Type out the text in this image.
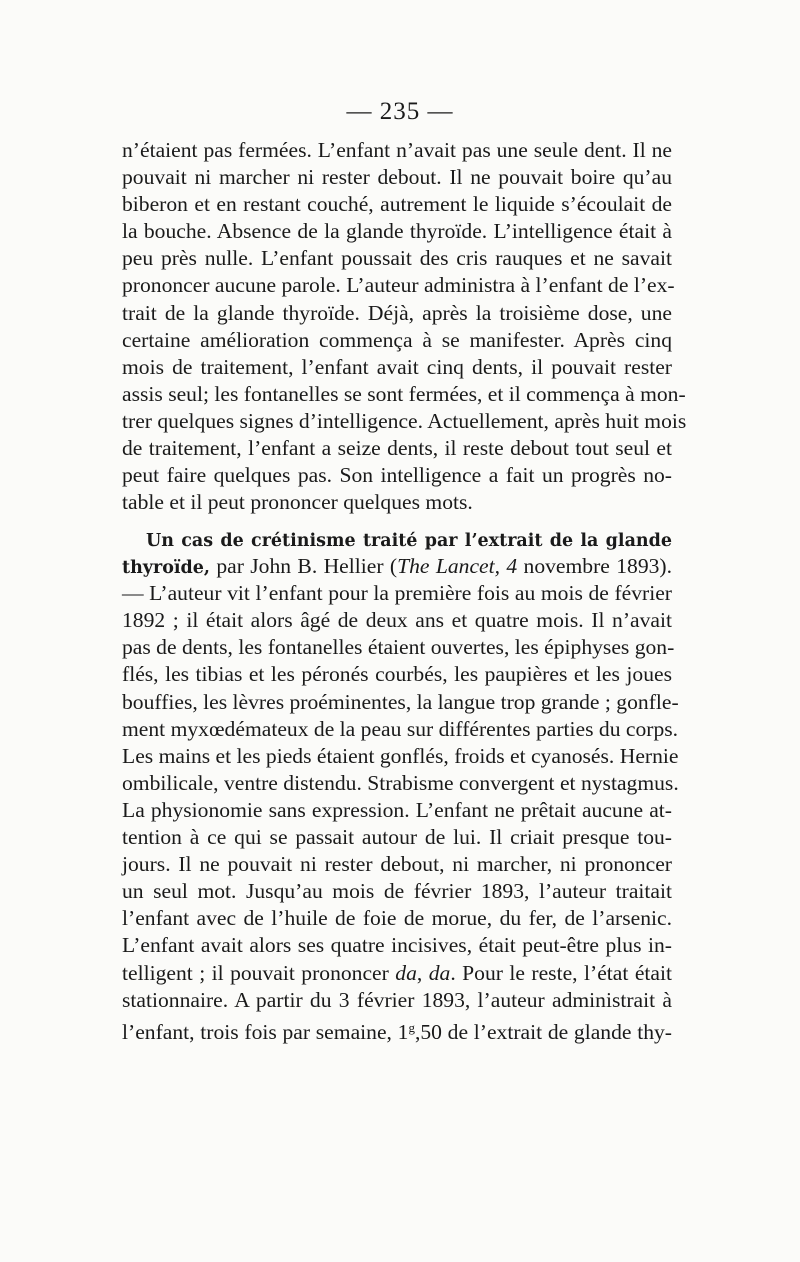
— 235 —
n’étaient pas fermées. L’enfant n’avait pas une seule dent. Il ne
pouvait ni marcher ni rester debout. Il ne pouvait boire qu’au
biberon et en restant couché, autrement le liquide s’écoulait de
la bouche. Absence de la glande thyroïde. L’intelligence était à
peu près nulle. L’enfant poussait des cris rauques et ne savait
prononcer aucune parole. L’auteur administra à l’enfant de l’ex-
trait de la glande thyroïde. Déjà, après la troisième dose, une
certaine amélioration commença à se manifester. Après cinq
mois de traitement, l’enfant avait cinq dents, il pouvait rester
assis seul; les fontanelles se sont fermées, et il commença à mon-
trer quelques signes d’intelligence. Actuellement, après huit mois
de traitement, l’enfant a seize dents, il reste debout tout seul et
peut faire quelques pas. Son intelligence a fait un progrès no-
table et il peut prononcer quelques mots.
Un cas de crétinisme traité par l’extrait de la glande
thyroïde, par John B. Hellier (The Lancet, 4 novembre 1893).
— L’auteur vit l’enfant pour la première fois au mois de février
1892 ; il était alors âgé de deux ans et quatre mois. Il n’avait
pas de dents, les fontanelles étaient ouvertes, les épiphyses gon-
flés, les tibias et les péronés courbés, les paupières et les joues
bouffies, les lèvres proéminentes, la langue trop grande ; gonfle-
ment myxœdémateux de la peau sur différentes parties du corps.
Les mains et les pieds étaient gonflés, froids et cyanosés. Hernie
ombilicale, ventre distendu. Strabisme convergent et nystagmus.
La physionomie sans expression. L’enfant ne prêtait aucune at-
tention à ce qui se passait autour de lui. Il criait presque tou-
jours. Il ne pouvait ni rester debout, ni marcher, ni prononcer
un seul mot. Jusqu’au mois de février 1893, l’auteur traitait
l’enfant avec de l’huile de foie de morue, du fer, de l’arsenic.
L’enfant avait alors ses quatre incisives, était peut-être plus in-
telligent ; il pouvait prononcer da, da. Pour le reste, l’état était
stationnaire. A partir du 3 février 1893, l’auteur administrait à
l’enfant, trois fois par semaine, 1$^g$,50 de l’extrait de glande thy-
